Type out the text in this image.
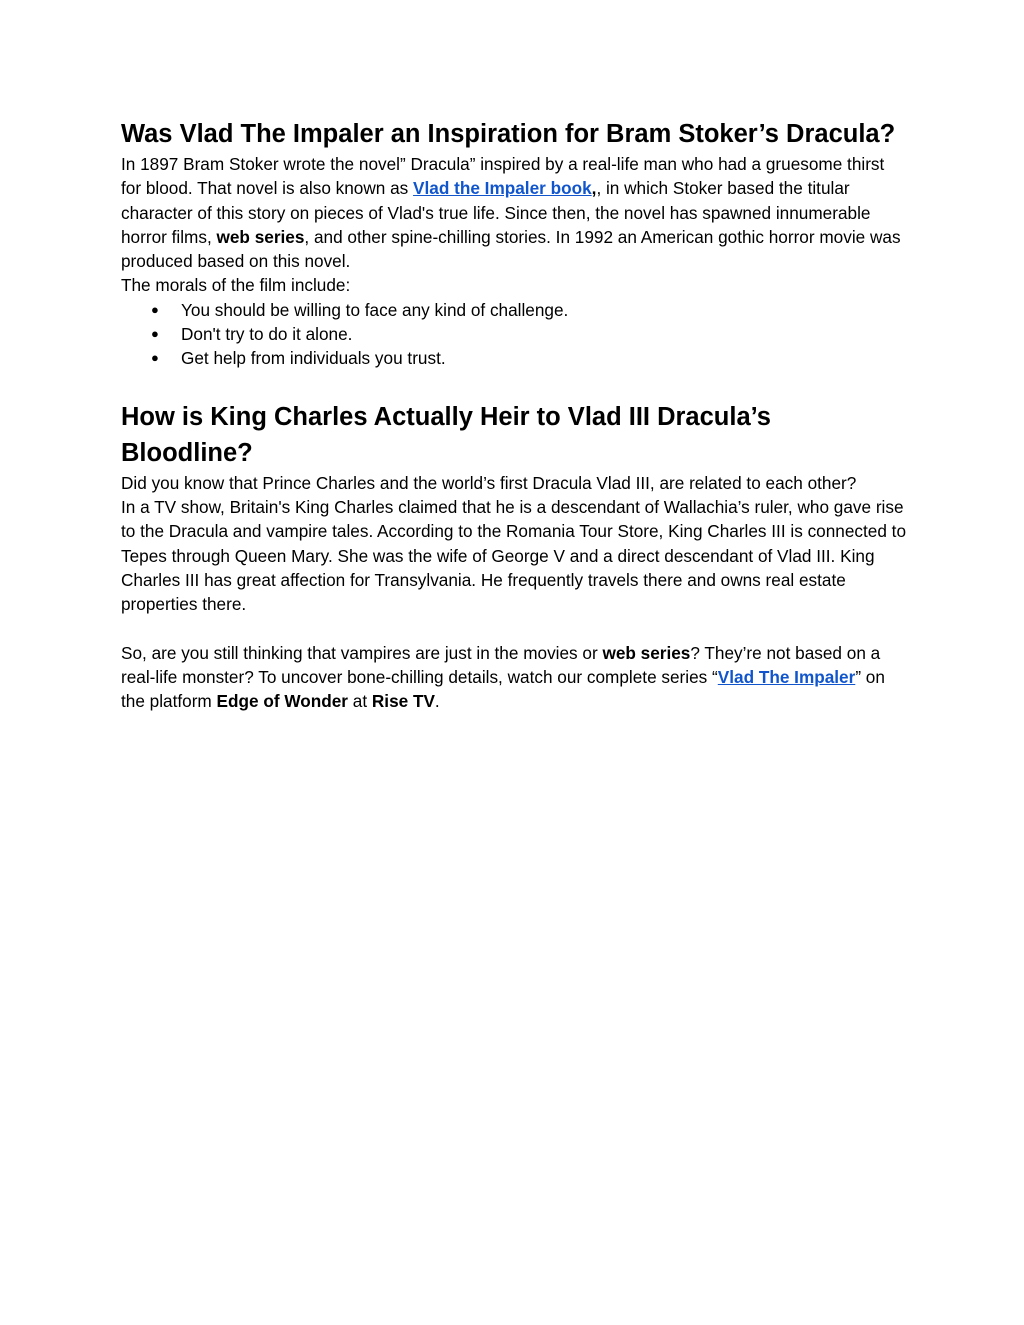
Was Vlad The Impaler an Inspiration for Bram Stoker’s Dracula?

In 1897 Bram Stoker wrote the novel” Dracula” inspired by a real-life man who had a gruesome thirst for blood. That novel is also known as Vlad the Impaler book,, in which Stoker based the titular character of this story on pieces of Vlad's true life. Since then, the novel has spawned innumerable horror films, web series, and other spine-chilling stories. In 1992 an American gothic horror movie was produced based on this novel.

The morals of the film include:

● You should be willing to face any kind of challenge.
● Don't try to do it alone.
● Get help from individuals you trust.
How is King Charles Actually Heir to Vlad III Dracula’s Bloodline?

Did you know that Prince Charles and the world’s first Dracula Vlad III, are related to each other?

In a TV show, Britain's King Charles claimed that he is a descendant of Wallachia’s ruler, who gave rise to the Dracula and vampire tales. According to the Romania Tour Store, King Charles III is connected to Tepes through Queen Mary. She was the wife of George V and a direct descendant of Vlad III. King Charles III has great affection for Transylvania. He frequently travels there and owns real estate properties there.

So, are you still thinking that vampires are just in the movies or web series? They’re not based on a real-life monster? To uncover bone-chilling details, watch our complete series “Vlad The Impaler” on the platform Edge of Wonder at Rise TV.
